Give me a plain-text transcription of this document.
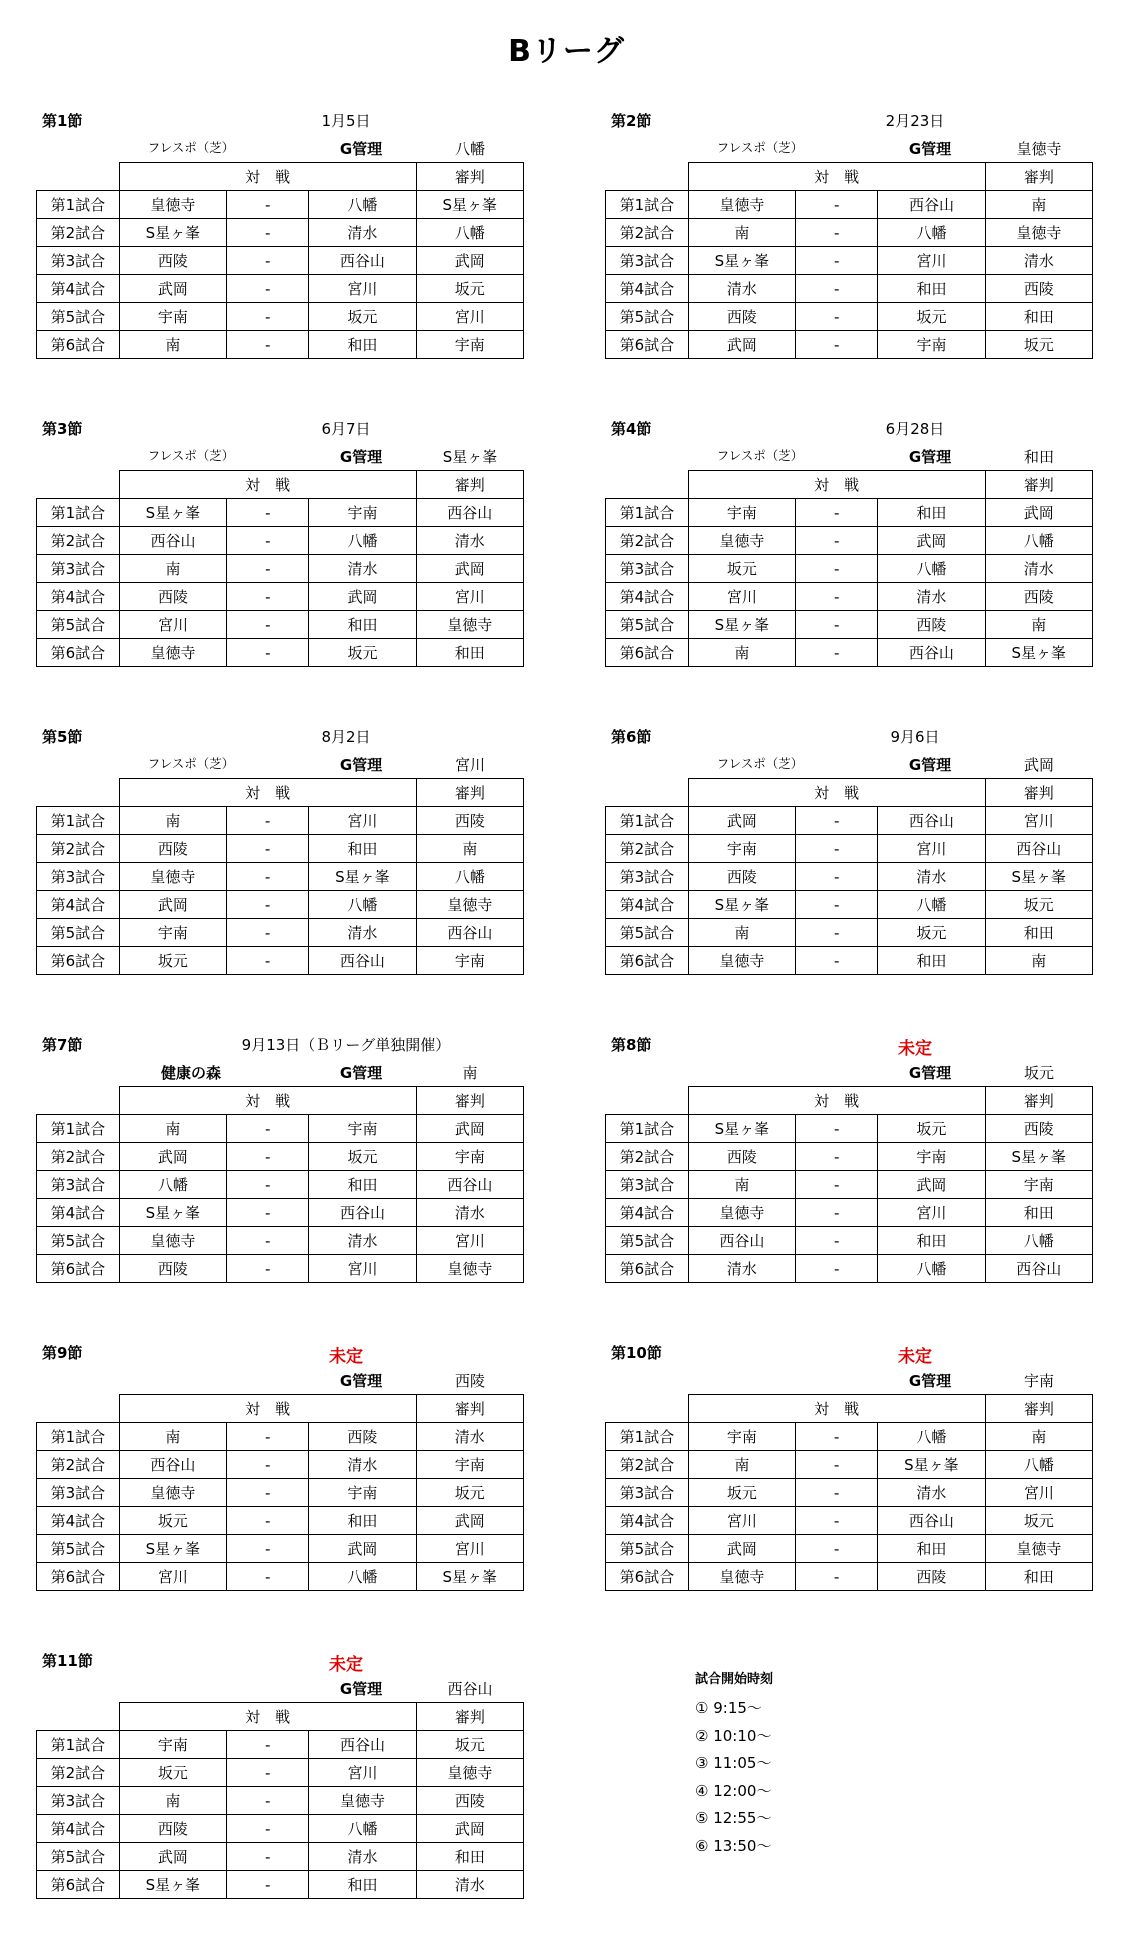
Bリーグ
第1節	1月5日
フレスポ（芝）	G管理	八幡
	対　戦			審判
第1試合	皇徳寺	-	八幡	S星ヶ峯
第2試合	S星ヶ峯	-	清水	八幡
第3試合	西陵	-	西谷山	武岡
第4試合	武岡	-	宮川	坂元
第5試合	宇南	-	坂元	宮川
第6試合	南	-	和田	宇南
第2節	2月23日
フレスポ（芝）	G管理	皇徳寺
	対　戦			審判
第1試合	皇徳寺	-	西谷山	南
第2試合	南	-	八幡	皇徳寺
第3試合	S星ヶ峯	-	宮川	清水
第4試合	清水	-	和田	西陵
第5試合	西陵	-	坂元	和田
第6試合	武岡	-	宇南	坂元
第3節	6月7日
フレスポ（芝）	G管理	S星ヶ峯
	対　戦			審判
第1試合	S星ヶ峯	-	宇南	西谷山
第2試合	西谷山	-	八幡	清水
第3試合	南	-	清水	武岡
第4試合	西陵	-	武岡	宮川
第5試合	宮川	-	和田	皇徳寺
第6試合	皇徳寺	-	坂元	和田
第4節	6月28日
フレスポ（芝）	G管理	和田
	対　戦			審判
第1試合	宇南	-	和田	武岡
第2試合	皇徳寺	-	武岡	八幡
第3試合	坂元	-	八幡	清水
第4試合	宮川	-	清水	西陵
第5試合	S星ヶ峯	-	西陵	南
第6試合	南	-	西谷山	S星ヶ峯
第5節	8月2日
フレスポ（芝）	G管理	宮川
	対　戦			審判
第1試合	南	-	宮川	西陵
第2試合	西陵	-	和田	南
第3試合	皇徳寺	-	S星ヶ峯	八幡
第4試合	武岡	-	八幡	皇徳寺
第5試合	宇南	-	清水	西谷山
第6試合	坂元	-	西谷山	宇南
第6節	9月6日
フレスポ（芝）	G管理	武岡
	対　戦			審判
第1試合	武岡	-	西谷山	宮川
第2試合	宇南	-	宮川	西谷山
第3試合	西陵	-	清水	S星ヶ峯
第4試合	S星ヶ峯	-	八幡	坂元
第5試合	南	-	坂元	和田
第6試合	皇徳寺	-	和田	南
第7節	9月13日（Ｂリーグ単独開催）
健康の森	G管理	南
	対　戦			審判
第1試合	南	-	宇南	武岡
第2試合	武岡	-	坂元	宇南
第3試合	八幡	-	和田	西谷山
第4試合	S星ヶ峯	-	西谷山	清水
第5試合	皇徳寺	-	清水	宮川
第6試合	西陵	-	宮川	皇徳寺
第8節	未定
G管理	坂元
	対　戦			審判
第1試合	S星ヶ峯	-	坂元	西陵
第2試合	西陵	-	宇南	S星ヶ峯
第3試合	南	-	武岡	宇南
第4試合	皇徳寺	-	宮川	和田
第5試合	西谷山	-	和田	八幡
第6試合	清水	-	八幡	西谷山
第9節	未定
G管理	西陵
	対　戦			審判
第1試合	南	-	西陵	清水
第2試合	西谷山	-	清水	宇南
第3試合	皇徳寺	-	宇南	坂元
第4試合	坂元	-	和田	武岡
第5試合	S星ヶ峯	-	武岡	宮川
第6試合	宮川	-	八幡	S星ヶ峯
第10節	未定
G管理	宇南
	対　戦			審判
第1試合	宇南	-	八幡	南
第2試合	南	-	S星ヶ峯	八幡
第3試合	坂元	-	清水	宮川
第4試合	宮川	-	西谷山	坂元
第5試合	武岡	-	和田	皇徳寺
第6試合	皇徳寺	-	西陵	和田
第11節	未定
G管理	西谷山
	対　戦			審判
第1試合	宇南	-	西谷山	坂元
第2試合	坂元	-	宮川	皇徳寺
第3試合	南	-	皇徳寺	西陵
第4試合	西陵	-	八幡	武岡
第5試合	武岡	-	清水	和田
第6試合	S星ヶ峯	-	和田	清水
試合開始時刻
① 9:15～
② 10:10～
③ 11:05～
④ 12:00～
⑤ 12:55～
⑥ 13:50～
